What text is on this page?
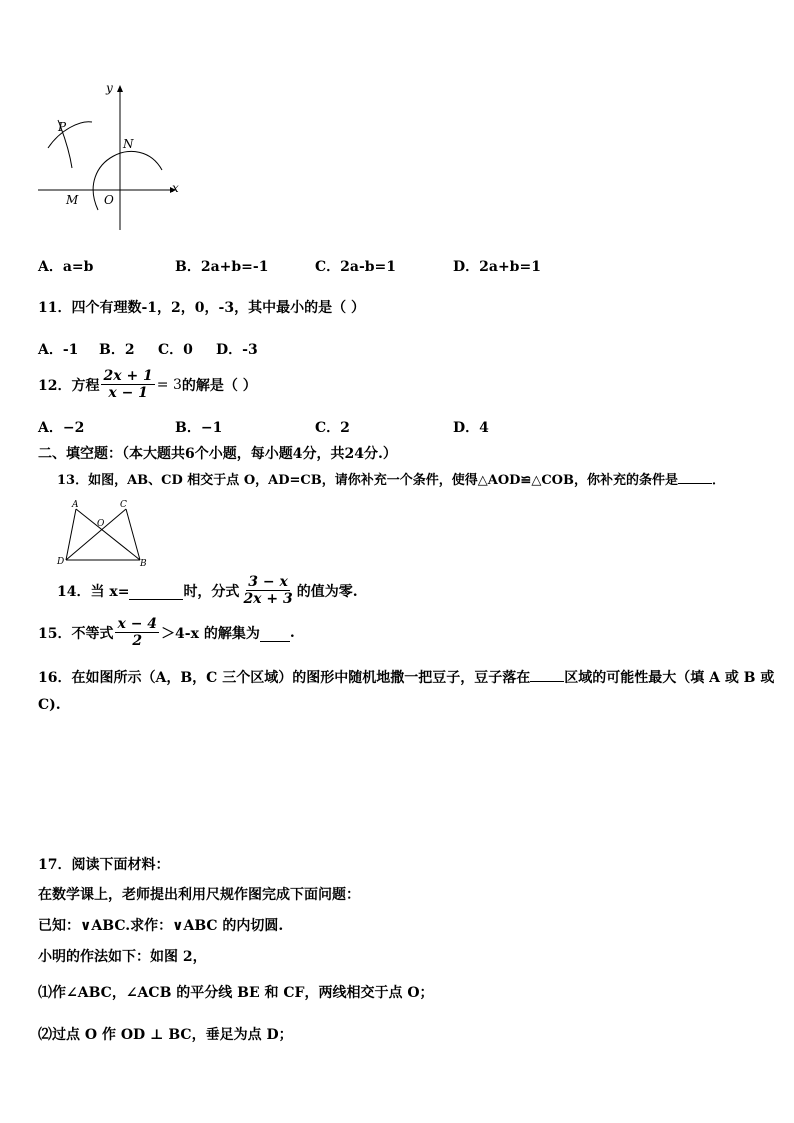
y
x
P
N
M O
A．a=b	B．2a+b=-1	C．2a-b=1	D．2a+b=1
11．四个有理数-1，2，0，-3，其中最小的是（ ）
A．-1 B．2 C．0 D．-3
12．方程 $\frac{2x + 1}{x - 1} = 3$ 的解是（ ）
A．−2	B．−1	C．2	D．4
二、填空题：（本大题共6个小题，每小题4分，共24分.）
13．如图，AB、CD 相交于点 O，AD=CB，请你补充一个条件，使得△AOD≌△COB，你补充的条件是	．
A	C
O
D	B
14．当 x=	时，分式 $\frac{3 - x}{2x + 3}$ 的值为零.
15．不等式 $\frac{x - 4}{2} >4-x$ 的解集为 .
16．在如图所示（A，B，C 三个区域）的图形中随机地撒一把豆子，豆子落在 区域的可能性最大（填 A 或 B 或
C).
17．阅读下面材料：
在数学课上，老师提出利用尺规作图完成下面问题：
已知：∨ABC.求作：∨ABC 的内切圆.
小明的作法如下：如图 2，
⑴作∠ABC，∠ACB 的平分线 BE 和 CF，两线相交于点 O；
⑵过点 O 作 OD ⊥ BC，垂足为点 D；
